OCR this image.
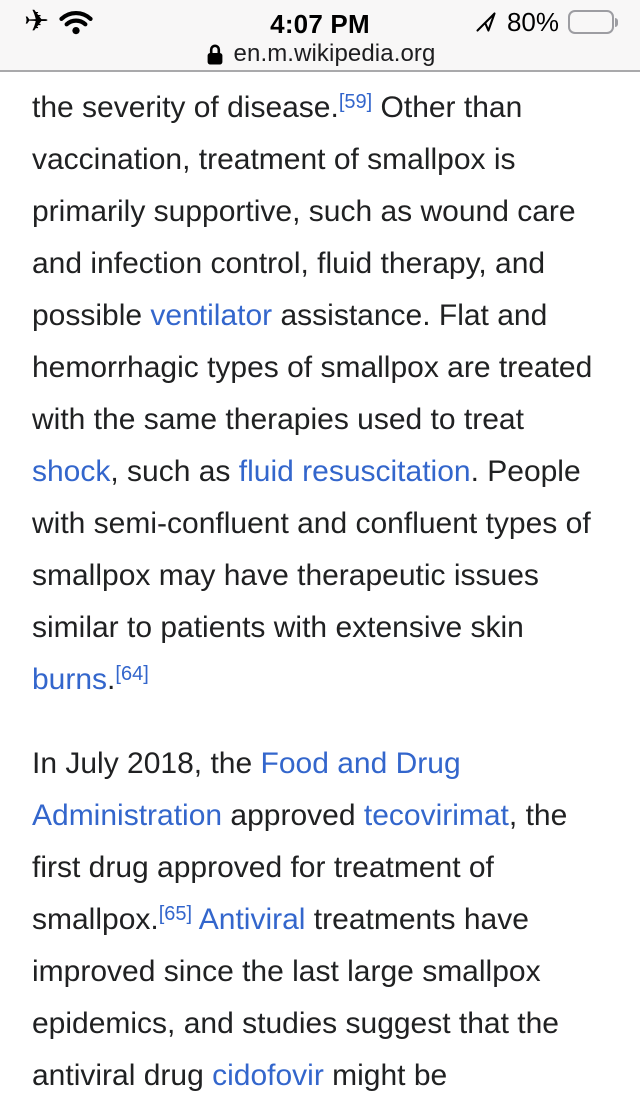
✈	4:07 PM	80%
en.m.wikipedia.org

the severity of disease.[59] Other than vaccination, treatment of smallpox is primarily supportive, such as wound care and infection control, fluid therapy, and possible ventilator assistance. Flat and hemorrhagic types of smallpox are treated with the same therapies used to treat shock, such as fluid resuscitation. People with semi-confluent and confluent types of smallpox may have therapeutic issues similar to patients with extensive skin burns.[64]

In July 2018, the Food and Drug Administration approved tecovirimat, the first drug approved for treatment of smallpox.[65] Antiviral treatments have improved since the last large smallpox epidemics, and studies suggest that the antiviral drug cidofovir might be
